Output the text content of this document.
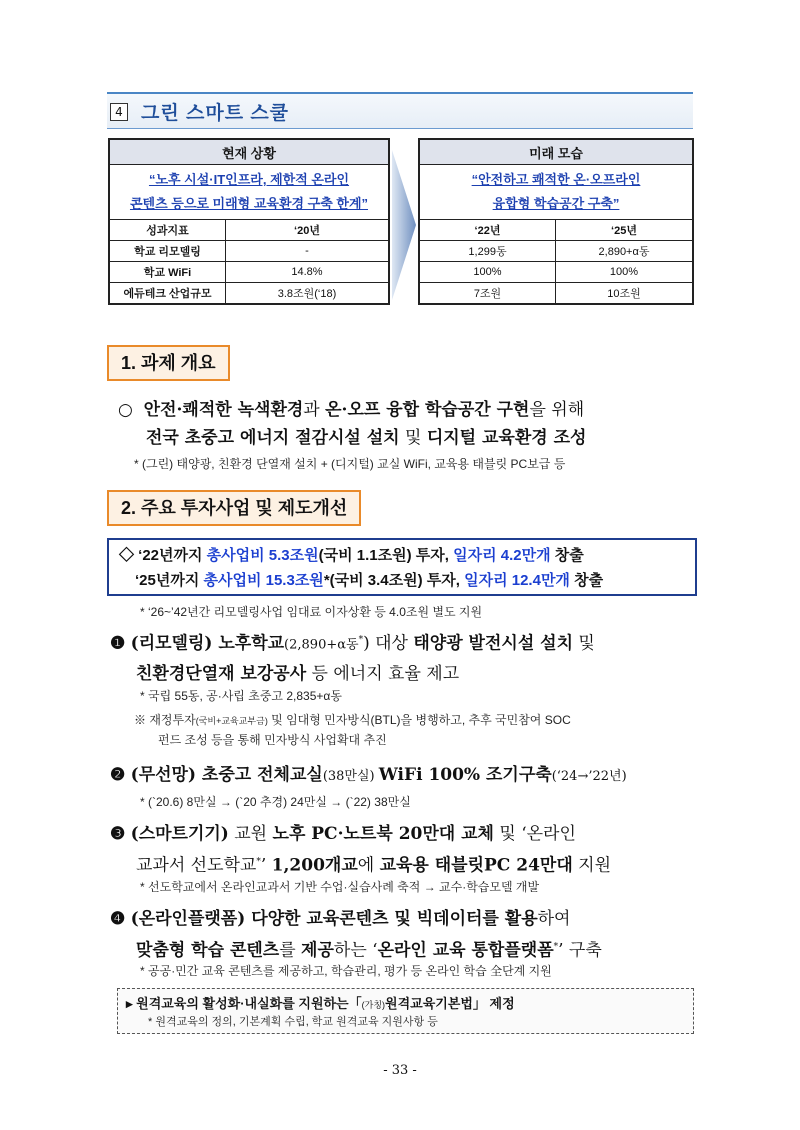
4 그린 스마트 스쿨
현재 상황	
“노후 시설·IT인프라, 제한적 온라인
콘텐츠 등으로 미래형 교육환경 구축 한계”	
성과지표	‘20년
학교 리모델링	-
학교 WiFi	14.8%
에듀테크 산업규모	3.8조원(‘18)
미래 모습	
“안전하고 쾌적한 온·오프라인
융합형 학습공간 구축”	
‘22년	‘25년
1,299동	2,890+α동
100%	100%
7조원	10조원
1. 과제 개요
○ 안전·쾌적한 녹색환경과 온·오프 융합 학습공간 구현을 위해
전국 초중고 에너지 절감시설 설치 및 디지털 교육환경 조성
* (그린) 태양광, 친환경 단열재 설치 + (디지털) 교실 WiFi, 교육용 태블릿 PC보급 등
2. 주요 투자사업 및 제도개선
◇ ‘22년까지 총사업비 5.3조원(국비 1.1조원) 투자, 일자리 4.2만개 창출
‘25년까지 총사업비 15.3조원*(국비 3.4조원) 투자, 일자리 12.4만개 창출
* ‘26~’42년간 리모델링사업 임대료 이자상환 등 4.0조원 별도 지원
❶ (리모델링) 노후학교(2,890+α동*) 대상 태양광 발전시설 설치 및
친환경단열재 보강공사 등 에너지 효율 제고
* 국립 55동, 공·사립 초중고 2,835+α동
※ 재정투자(국비+교육교부금) 및 임대형 민자방식(BTL)을 병행하고, 추후 국민참여 SOC
펀드 조성 등을 통해 민자방식 사업확대 추진
❷ (무선망) 초중고 전체교실(38만실) WiFi 100% 조기구축(‘24→’22년)
* (`20.6) 8만실 → (`20 추경) 24만실 → (`22) 38만실
❸ (스마트기기) 교원 노후 PC·노트북 20만대 교체 및 ‘온라인
교과서 선도학교*’ 1,200개교에 교육용 태블릿PC 24만대 지원
* 선도학교에서 온라인교과서 기반 수업·실습사례 축적 → 교수·학습모델 개발
❹ (온라인플랫폼) 다양한 교육콘텐츠 및 빅데이터를 활용하여
맞춤형 학습 콘텐츠를 제공하는 ‘온라인 교육 통합플랫폼*’ 구축
* 공공·민간 교육 콘텐츠를 제공하고, 학습관리, 평가 등 온라인 학습 全단계 지원
▸ 원격교육의 활성화·내실화를 지원하는「(가칭)원격교육기본법」 제정
* 원격교육의 정의, 기본계획 수립, 학교 원격교육 지원사항 등
- 33 -
